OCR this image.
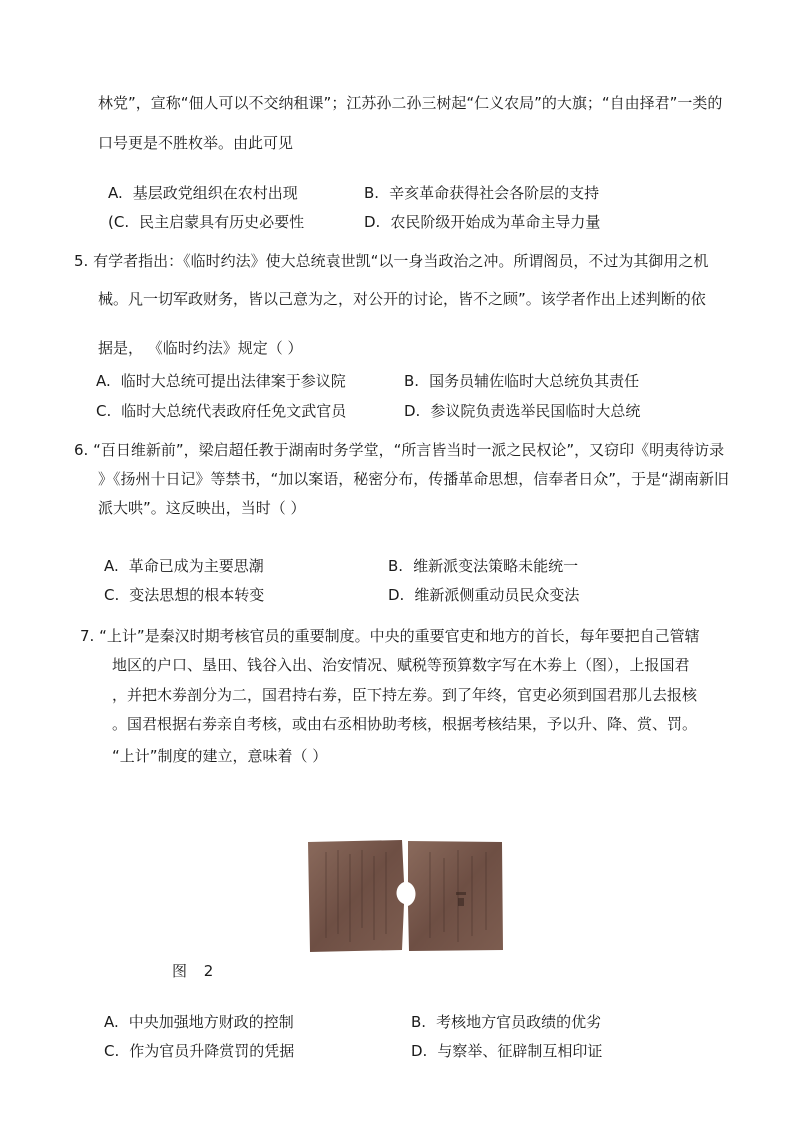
林党”，宣称“佃人可以不交纳租课”；江苏孙二孙三树起“仁义农局”的大旗；“自由择君”一类的
口号更是不胜枚举。由此可见
A. 基层政党组织在农村出现	B. 辛亥革命获得社会各阶层的支持
(C. 民主启蒙具有历史必要性	D. 农民阶级开始成为革命主导力量
5. 有学者指出：《临时约法》使大总统袁世凯“以一身当政治之冲。所谓阁员，不过为其御用之机
械。凡一切军政财务，皆以己意为之，对公开的讨论，皆不之顾”。该学者作出上述判断的依
据是， 《临时约法》规定（ ）
A. 临时大总统可提出法律案于参议院	B. 国务员辅佐临时大总统负其责任
C. 临时大总统代表政府任免文武官员	D. 参议院负责选举民国临时大总统
6. “百日维新前”，梁启超任教于湖南时务学堂，“所言皆当时一派之民权论”，又窃印《明夷待访录
》《扬州十日记》等禁书，“加以案语，秘密分布，传播革命思想，信奉者日众”，于是“湖南新旧
派大哄”。这反映出，当时（ ）
A. 革命已成为主要思潮	B. 维新派变法策略未能统一
C. 变法思想的根本转变	D. 维新派侧重动员民众变法
7. “上计”是秦汉时期考核官员的重要制度。中央的重要官吏和地方的首长，每年要把自己管辖
地区的户口、垦田、钱谷入出、治安情况、赋税等预算数字写在木劵上（图），上报国君
，并把木劵剖分为二，国君持右劵，臣下持左劵。到了年终，官吏必须到国君那儿去报核
。国君根据右劵亲自考核，或由右丞相协助考核，根据考核结果，予以升、降、赏、罚。
“上计”制度的建立，意味着（ ）
图 2
A. 中央加强地方财政的控制	B. 考核地方官员政绩的优劣
C. 作为官员升降赏罚的凭据	D. 与察举、征辟制互相印证
